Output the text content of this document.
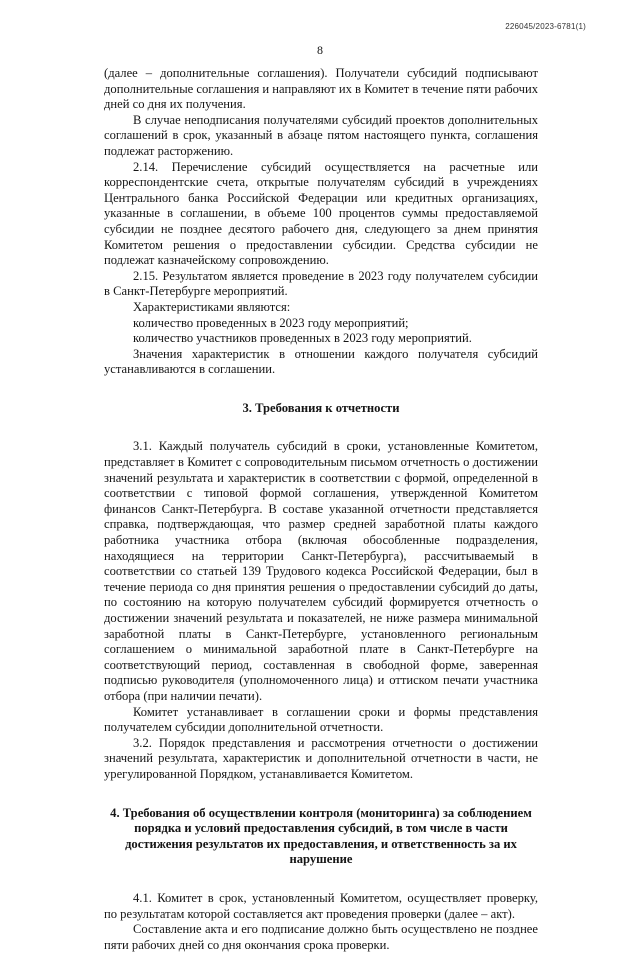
226045/2023-6781(1)
8

(далее – дополнительные соглашения). Получатели субсидий подписывают дополнительные соглашения и направляют их в Комитет в течение пяти рабочих дней со дня их получения.

В случае неподписания получателями субсидий проектов дополнительных соглашений в срок, указанный в абзаце пятом настоящего пункта, соглашения подлежат расторжению.

2.14. Перечисление субсидий осуществляется на расчетные или корреспондентские счета, открытые получателям субсидий в учреждениях Центрального банка Российской Федерации или кредитных организациях, указанные в соглашении, в объеме 100 процентов суммы предоставляемой субсидии не позднее десятого рабочего дня, следующего за днем принятия Комитетом решения о предоставлении субсидии. Средства субсидии не подлежат казначейскому сопровождению.

2.15. Результатом является проведение в 2023 году получателем субсидии в Санкт-Петербурге мероприятий.

Характеристиками являются:

количество проведенных в 2023 году мероприятий;

количество участников проведенных в 2023 году мероприятий.

Значения характеристик в отношении каждого получателя субсидий устанавливаются в соглашении.

3. Требования к отчетности

3.1. Каждый получатель субсидий в сроки, установленные Комитетом, представляет в Комитет с сопроводительным письмом отчетность о достижении значений результата и характеристик в соответствии с формой, определенной в соответствии с типовой формой соглашения, утвержденной Комитетом финансов Санкт-Петербурга. В составе указанной отчетности представляется справка, подтверждающая, что размер средней заработной платы каждого работника участника отбора (включая обособленные подразделения, находящиеся на территории Санкт-Петербурга), рассчитываемый в соответствии со статьей 139 Трудового кодекса Российской Федерации, был в течение периода со дня принятия решения о предоставлении субсидий до даты, по состоянию на которую получателем субсидий формируется отчетность о достижении значений результата и показателей, не ниже размера минимальной заработной платы в Санкт-Петербурге, установленного региональным соглашением о минимальной заработной плате в Санкт-Петербурге на соответствующий период, составленная в свободной форме, заверенная подписью руководителя (уполномоченного лица) и оттиском печати участника отбора (при наличии печати).

Комитет устанавливает в соглашении сроки и формы представления получателем субсидии дополнительной отчетности.

3.2. Порядок представления и рассмотрения отчетности о достижении значений результата, характеристик и дополнительной отчетности в части, не урегулированной Порядком, устанавливается Комитетом.

4. Требования об осуществлении контроля (мониторинга) за соблюдением порядка и условий предоставления субсидий, в том числе в части достижения результатов их предоставления, и ответственность за их нарушение

4.1. Комитет в срок, установленный Комитетом, осуществляет проверку, по результатам которой составляется акт проведения проверки (далее – акт).

Составление акта и его подписание должно быть осуществлено не позднее пяти рабочих дней со дня окончания срока проверки.
